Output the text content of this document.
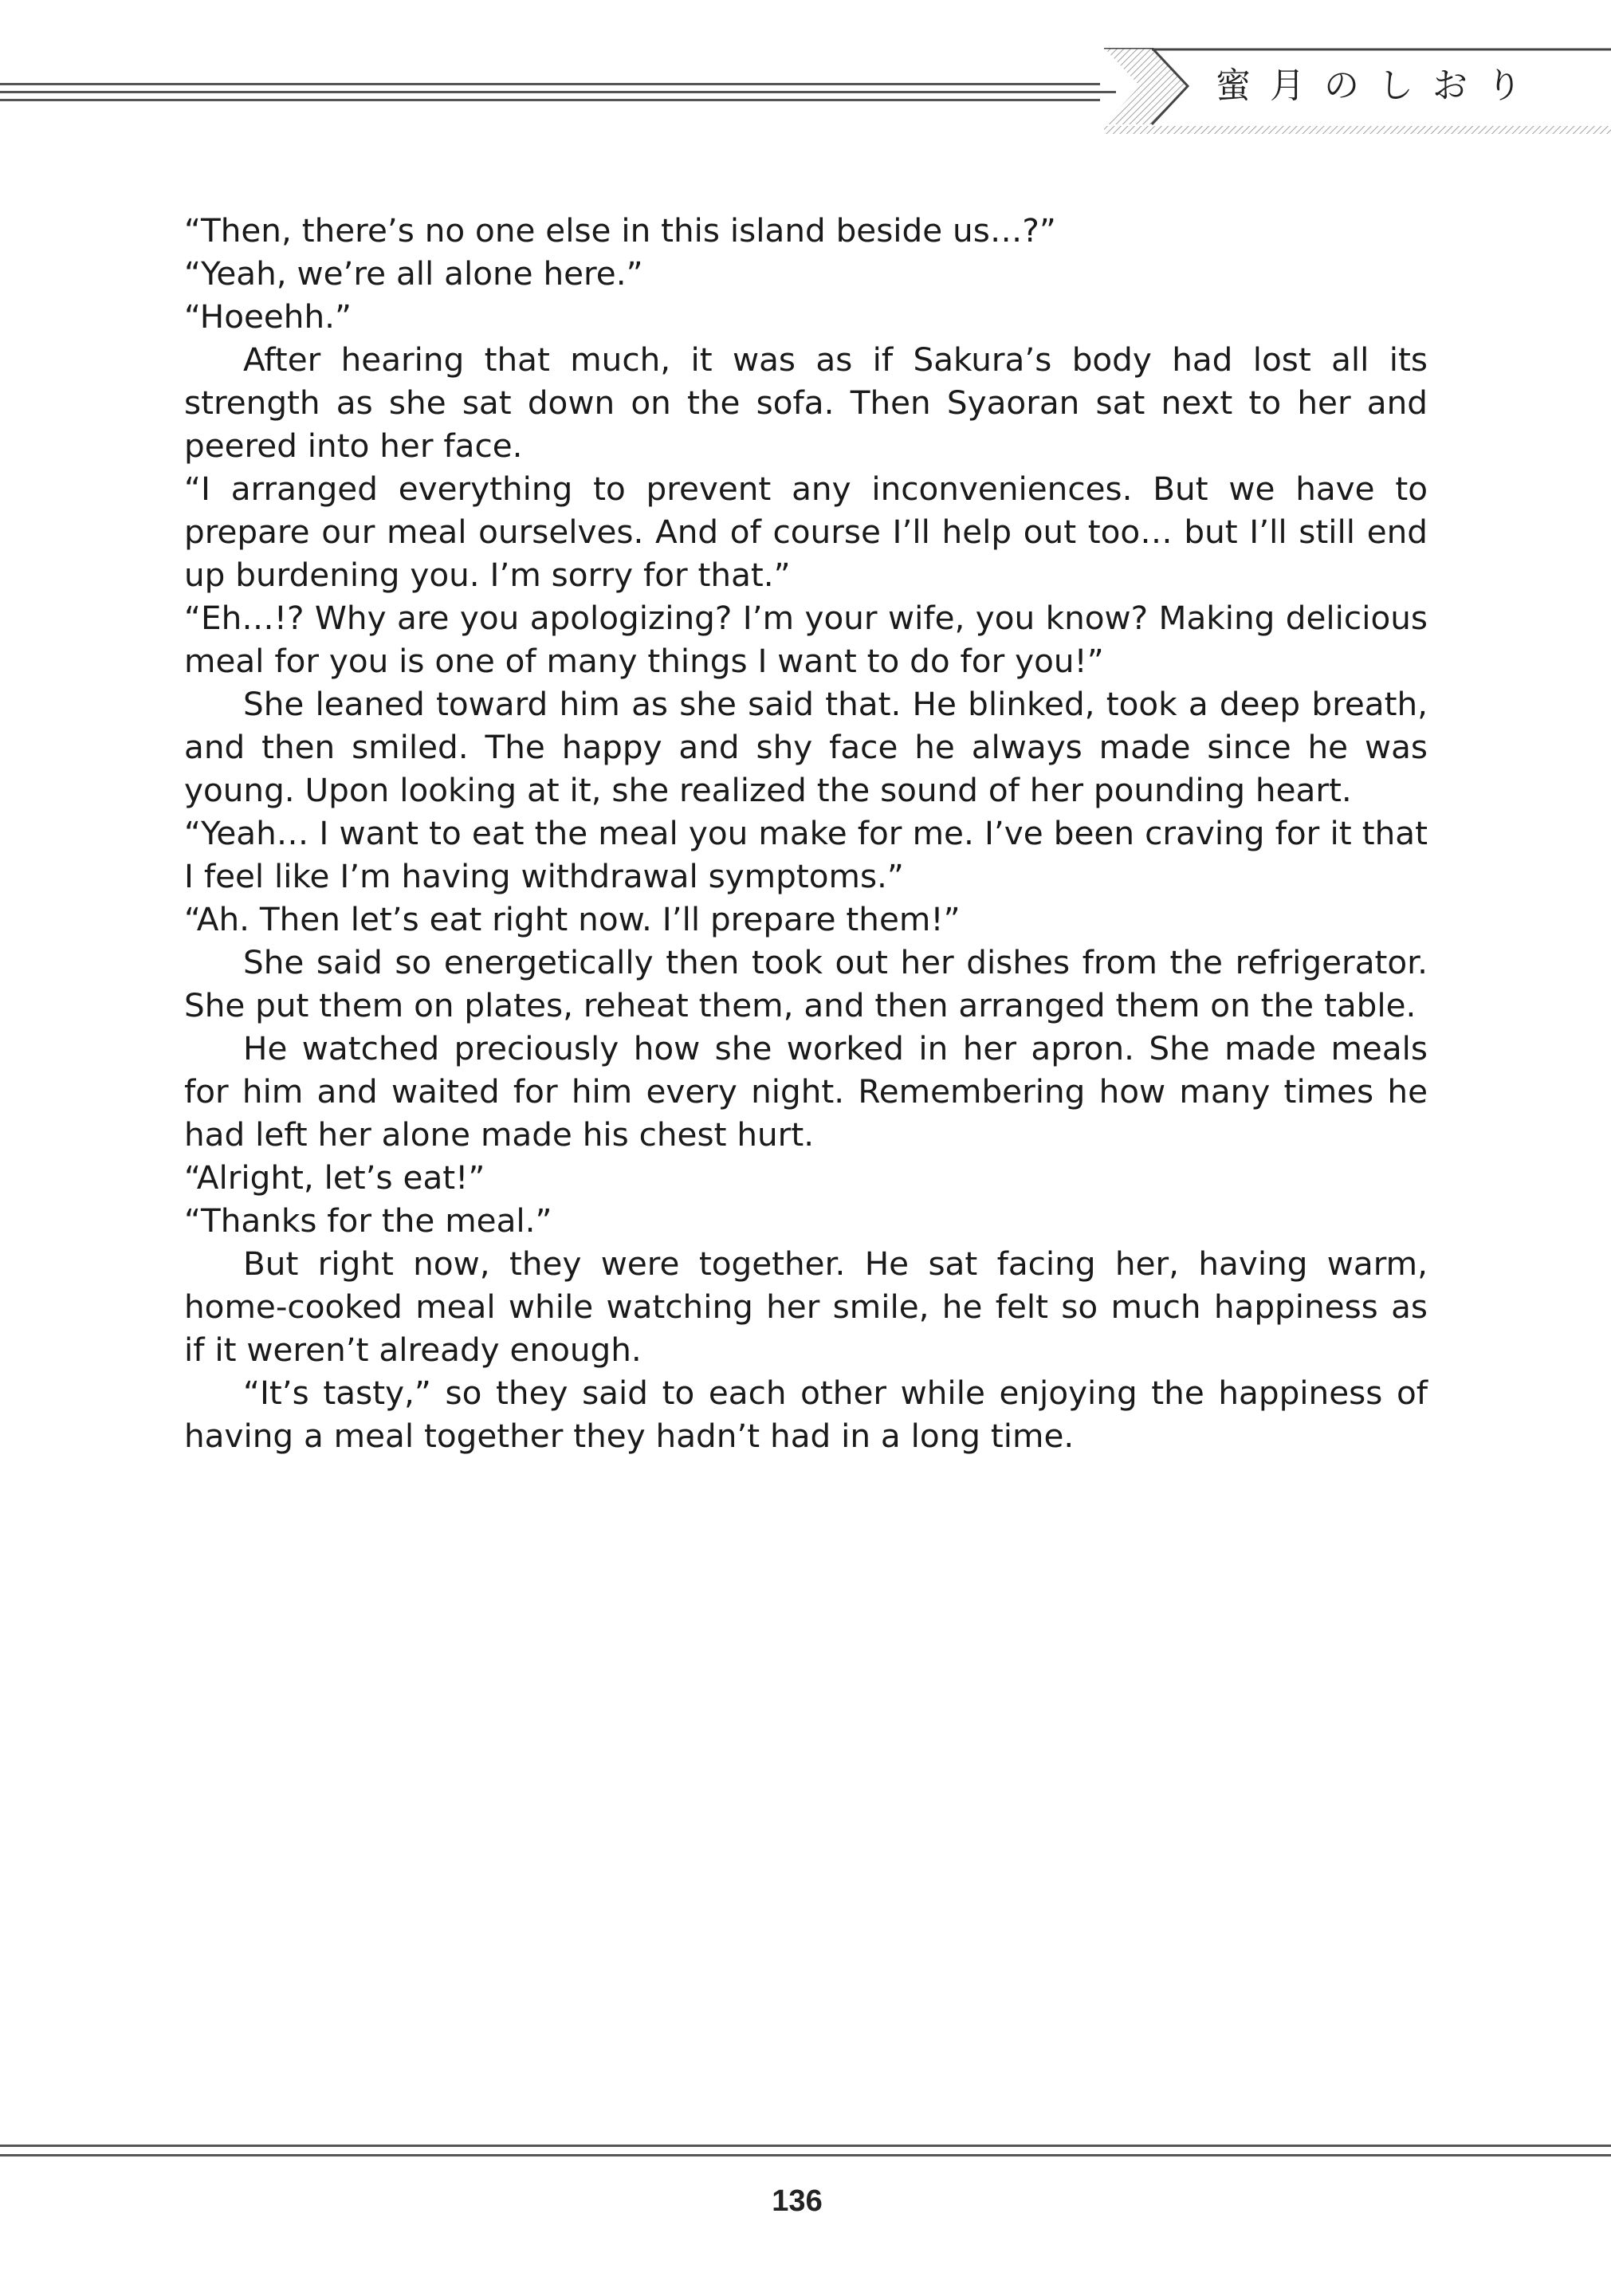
蜜月のしおり

“Then, there’s no one else in this island beside us…?”

“Yeah, we’re all alone here.”

“Hoeehh.”

After hearing that much, it was as if Sakura’s body had lost all its strength as she sat down on the sofa. Then Syaoran sat next to her and peered into her face.

“I arranged everything to prevent any inconveniences. But we have to prepare our meal ourselves. And of course I’ll help out too… but I’ll still end up burdening you. I’m sorry for that.”

“Eh…!? Why are you apologizing? I’m your wife, you know? Making delicious meal for you is one of many things I want to do for you!”

She leaned toward him as she said that. He blinked, took a deep breath, and then smiled. The happy and shy face he always made since he was young. Upon looking at it, she realized the sound of her pounding heart.

“Yeah… I want to eat the meal you make for me. I’ve been craving for it that I feel like I’m having withdrawal symptoms.”

“Ah. Then let’s eat right now. I’ll prepare them!”

She said so energetically then took out her dishes from the refrigerator. She put them on plates, reheat them, and then arranged them on the table.

He watched preciously how she worked in her apron. She made meals for him and waited for him every night. Remembering how many times he had left her alone made his chest hurt.

“Alright, let’s eat!”

“Thanks for the meal.”

But right now, they were together. He sat facing her, having warm, home-cooked meal while watching her smile, he felt so much happiness as if it weren’t already enough.

“It’s tasty,” so they said to each other while enjoying the happiness of having a meal together they hadn’t had in a long time.

136
